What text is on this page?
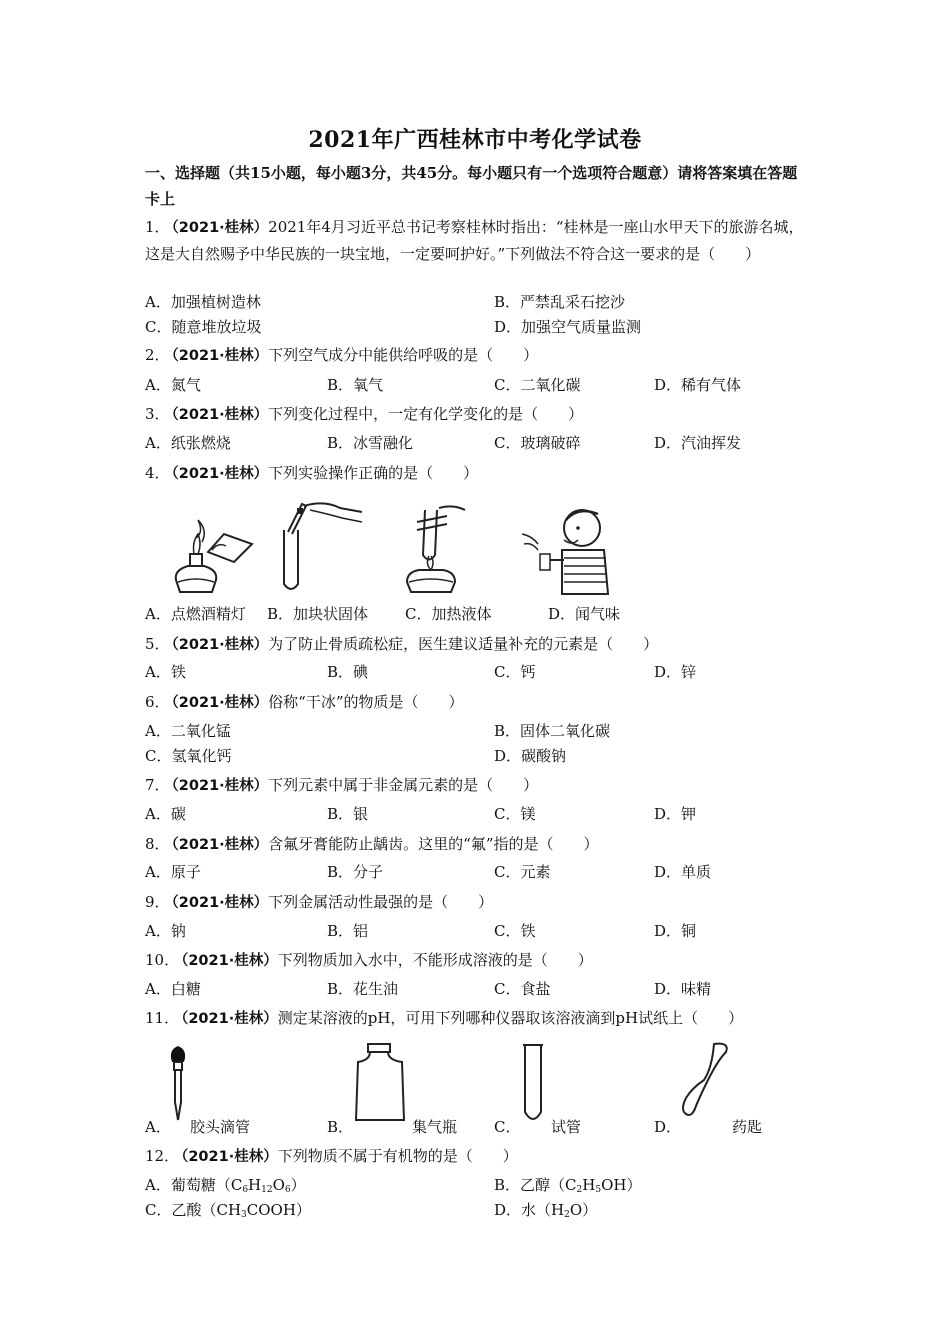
2021年广西桂林市中考化学试卷
一、选择题（共15小题，每小题3分，共45分。每小题只有一个选项符合题意）请将答案填在答题卡上
1． （2021·桂林）2021年4月习近平总书记考察桂林时指出：“桂林是一座山水甲天下的旅游名城，这是大自然赐予中华民族的一块宝地，一定要呵护好。”下列做法不符合这一要求的是（　　）
A．加强植树造林	B．严禁乱采石挖沙
C．随意堆放垃圾	D．加强空气质量监测
2． （2021·桂林）下列空气成分中能供给呼吸的是（　　）
A．氮气	B．氧气	C．二氧化碳	D．稀有气体
3． （2021·桂林）下列变化过程中，一定有化学变化的是（　　）
A．纸张燃烧	B．冰雪融化	C．玻璃破碎	D．汽油挥发
4． （2021·桂林）下列实验操作正确的是（　　）
A．点燃酒精灯 B．加块状固体 C．加热液体	D．闻气味
5． （2021·桂林）为了防止骨质疏松症，医生建议适量补充的元素是（　　）
A．铁	B．碘	C．钙	D．锌
6． （2021·桂林）俗称“干冰”的物质是（　　）
A．二氧化锰	B．固体二氧化碳
C．氢氧化钙	D．碳酸钠
7． （2021·桂林）下列元素中属于非金属元素的是（　　）
A．碳	B．银	C．镁	D．钾
8． （2021·桂林）含氟牙膏能防止龋齿。这里的“氟”指的是（　　）
A．原子	B．分子	C．元素	D．单质
9． （2021·桂林）下列金属活动性最强的是（　　）
A．钠	B．铝	C．铁	D．铜
10． （2021·桂林）下列物质加入水中，不能形成溶液的是（　　）
A．白糖	B．花生油	C．食盐	D．味精
11． （2021·桂林）测定某溶液的pH，可用下列哪种仪器取该溶液滴到pH试纸上（　　）
A． 胶头滴管	B．	集气瓶 C． 试管	D．	药匙
12． （2021·桂林）下列物质不属于有机物的是（　　）
A．葡萄糖$(C_6H_{12}O_6)$	B．乙醇$(C_2H_5OH)$
C．乙酸$(CH_3COOH)$	D．水$(H_2O)$
